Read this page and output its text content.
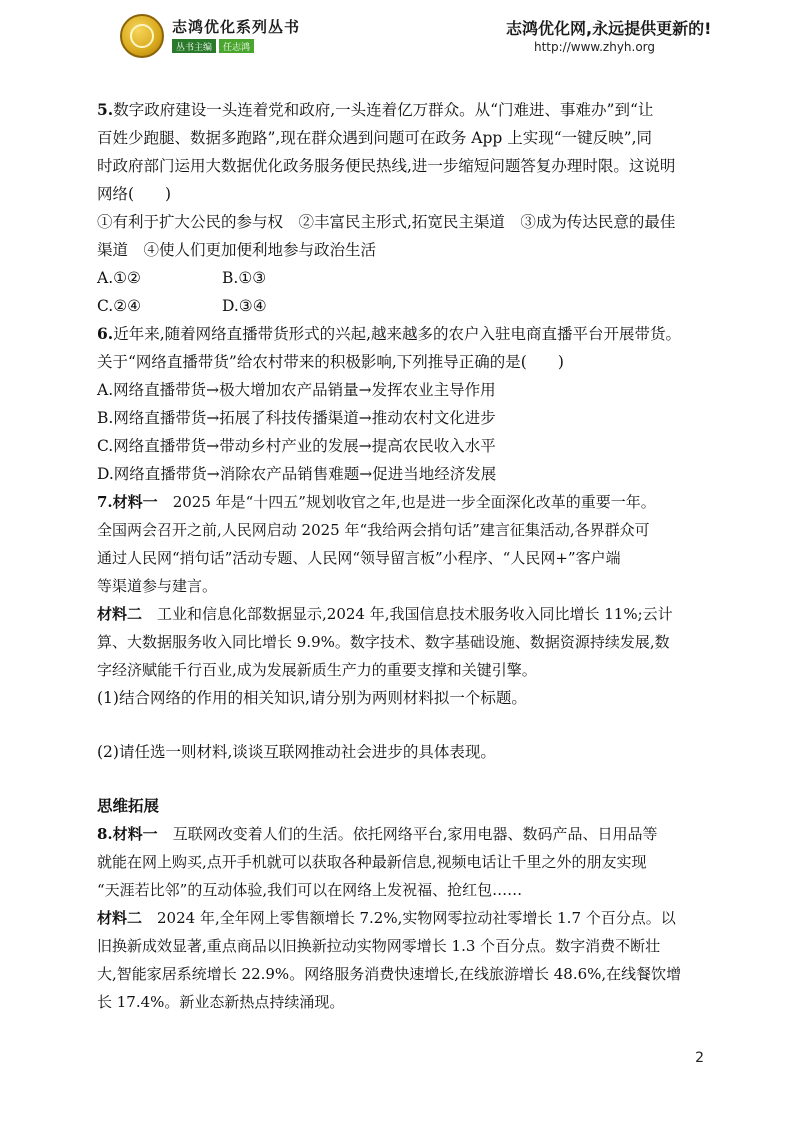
志鸿优化系列丛书
丛书主编	任志鸿
志鸿优化网,永远提供更新的!
http://www.zhyh.org
5.数字政府建设一头连着党和政府,一头连着亿万群众。从“门难进、事难办”到“让
百姓少跑腿、数据多跑路”,现在群众遇到问题可在政务 App 上实现“一键反映”,同
时政府部门运用大数据优化政务服务便民热线,进一步缩短问题答复办理时限。这说明
网络(　　)
①有利于扩大公民的参与权　②丰富民主形式,拓宽民主渠道　③成为传达民意的最佳
渠道　④使人们更加便利地参与政治生活
A.①②	B.①③
C.②④	D.③④
6.近年来,随着网络直播带货形式的兴起,越来越多的农户入驻电商直播平台开展带货。
关于“网络直播带货”给农村带来的积极影响,下列推导正确的是(　　)
A.网络直播带货→极大增加农产品销量→发挥农业主导作用
B.网络直播带货→拓展了科技传播渠道→推动农村文化进步
C.网络直播带货→带动乡村产业的发展→提高农民收入水平
D.网络直播带货→消除农产品销售难题→促进当地经济发展
7.材料一　2025 年是“十四五”规划收官之年,也是进一步全面深化改革的重要一年。
全国两会召开之前,人民网启动 2025 年“我给两会捎句话”建言征集活动,各界群众可
通过人民网“捎句话”活动专题、人民网“领导留言板”小程序、“人民网+”客户端
等渠道参与建言。
材料二　工业和信息化部数据显示,2024 年,我国信息技术服务收入同比增长 11%;云计
算、大数据服务收入同比增长 9.9%。数字技术、数字基础设施、数据资源持续发展,数
字经济赋能千行百业,成为发展新质生产力的重要支撑和关键引擎。
(1)结合网络的作用的相关知识,请分别为两则材料拟一个标题。
(2)请任选一则材料,谈谈互联网推动社会进步的具体表现。
思维拓展
8.材料一　互联网改变着人们的生活。依托网络平台,家用电器、数码产品、日用品等
就能在网上购买,点开手机就可以获取各种最新信息,视频电话让千里之外的朋友实现
“天涯若比邻”的互动体验,我们可以在网络上发祝福、抢红包……
材料二　2024 年,全年网上零售额增长 7.2%,实物网零拉动社零增长 1.7 个百分点。以
旧换新成效显著,重点商品以旧换新拉动实物网零增长 1.3 个百分点。数字消费不断壮
大,智能家居系统增长 22.9%。网络服务消费快速增长,在线旅游增长 48.6%,在线餐饮增
长 17.4%。新业态新热点持续涌现。
2
